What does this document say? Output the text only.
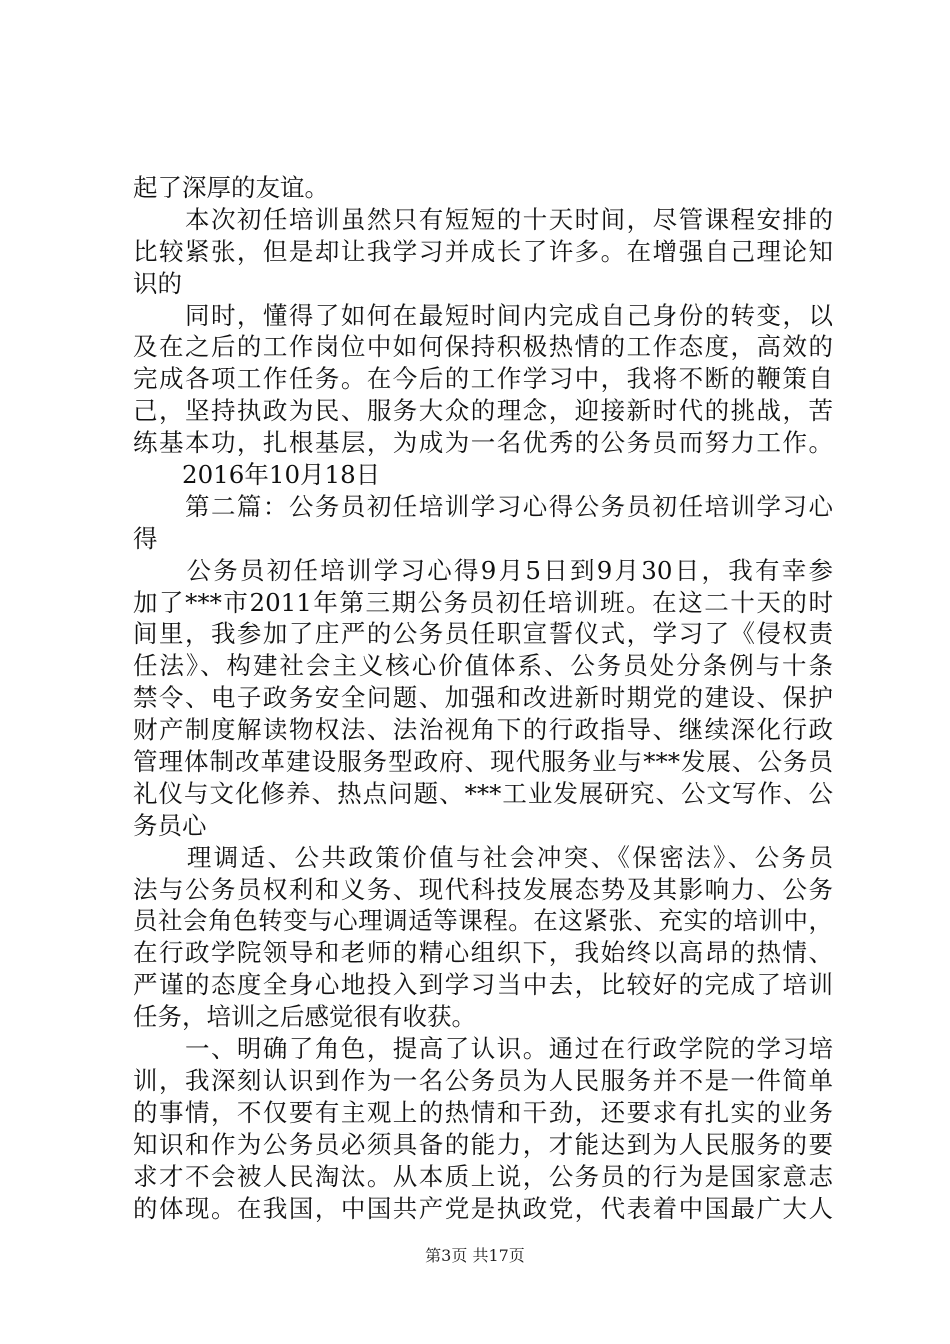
起了深厚的友谊。
　　本次初任培训虽然只有短短的十天时间，尽管课程安排的
比较紧张，但是却让我学习并成长了许多。在增强自己理论知
识的
　　同时，懂得了如何在最短时间内完成自己身份的转变，以
及在之后的工作岗位中如何保持积极热情的工作态度，高效的
完成各项工作任务。在今后的工作学习中，我将不断的鞭策自
己，坚持执政为民、服务大众的理念，迎接新时代的挑战，苦
练基本功，扎根基层，为成为一名优秀的公务员而努力工作。
　　2016年10月18日
　　第二篇：公务员初任培训学习心得公务员初任培训学习心
得
　　公务员初任培训学习心得9月5日到9月30日，我有幸参
加了***市2011年第三期公务员初任培训班。在这二十天的时
间里，我参加了庄严的公务员任职宣誓仪式，学习了《侵权责
任法》、构建社会主义核心价值体系、公务员处分条例与十条
禁令、电子政务安全问题、加强和改进新时期党的建设、保护
财产制度解读物权法、法治视角下的行政指导、继续深化行政
管理体制改革建设服务型政府、现代服务业与***发展、公务员
礼仪与文化修养、热点问题、***工业发展研究、公文写作、公
务员心
　　理调适、公共政策价值与社会冲突、《保密法》、公务员
法与公务员权利和义务、现代科技发展态势及其影响力、公务
员社会角色转变与心理调适等课程。在这紧张、充实的培训中，
在行政学院领导和老师的精心组织下，我始终以高昂的热情、
严谨的态度全身心地投入到学习当中去，比较好的完成了培训
任务，培训之后感觉很有收获。
　　一、明确了角色，提高了认识。通过在行政学院的学习培
训，我深刻认识到作为一名公务员为人民服务并不是一件简单
的事情，不仅要有主观上的热情和干劲，还要求有扎实的业务
知识和作为公务员必须具备的能力，才能达到为人民服务的要
求才不会被人民淘汰。从本质上说，公务员的行为是国家意志
的体现。在我国，中国共产党是执政党，代表着中国最广大人
第3页 共17页
